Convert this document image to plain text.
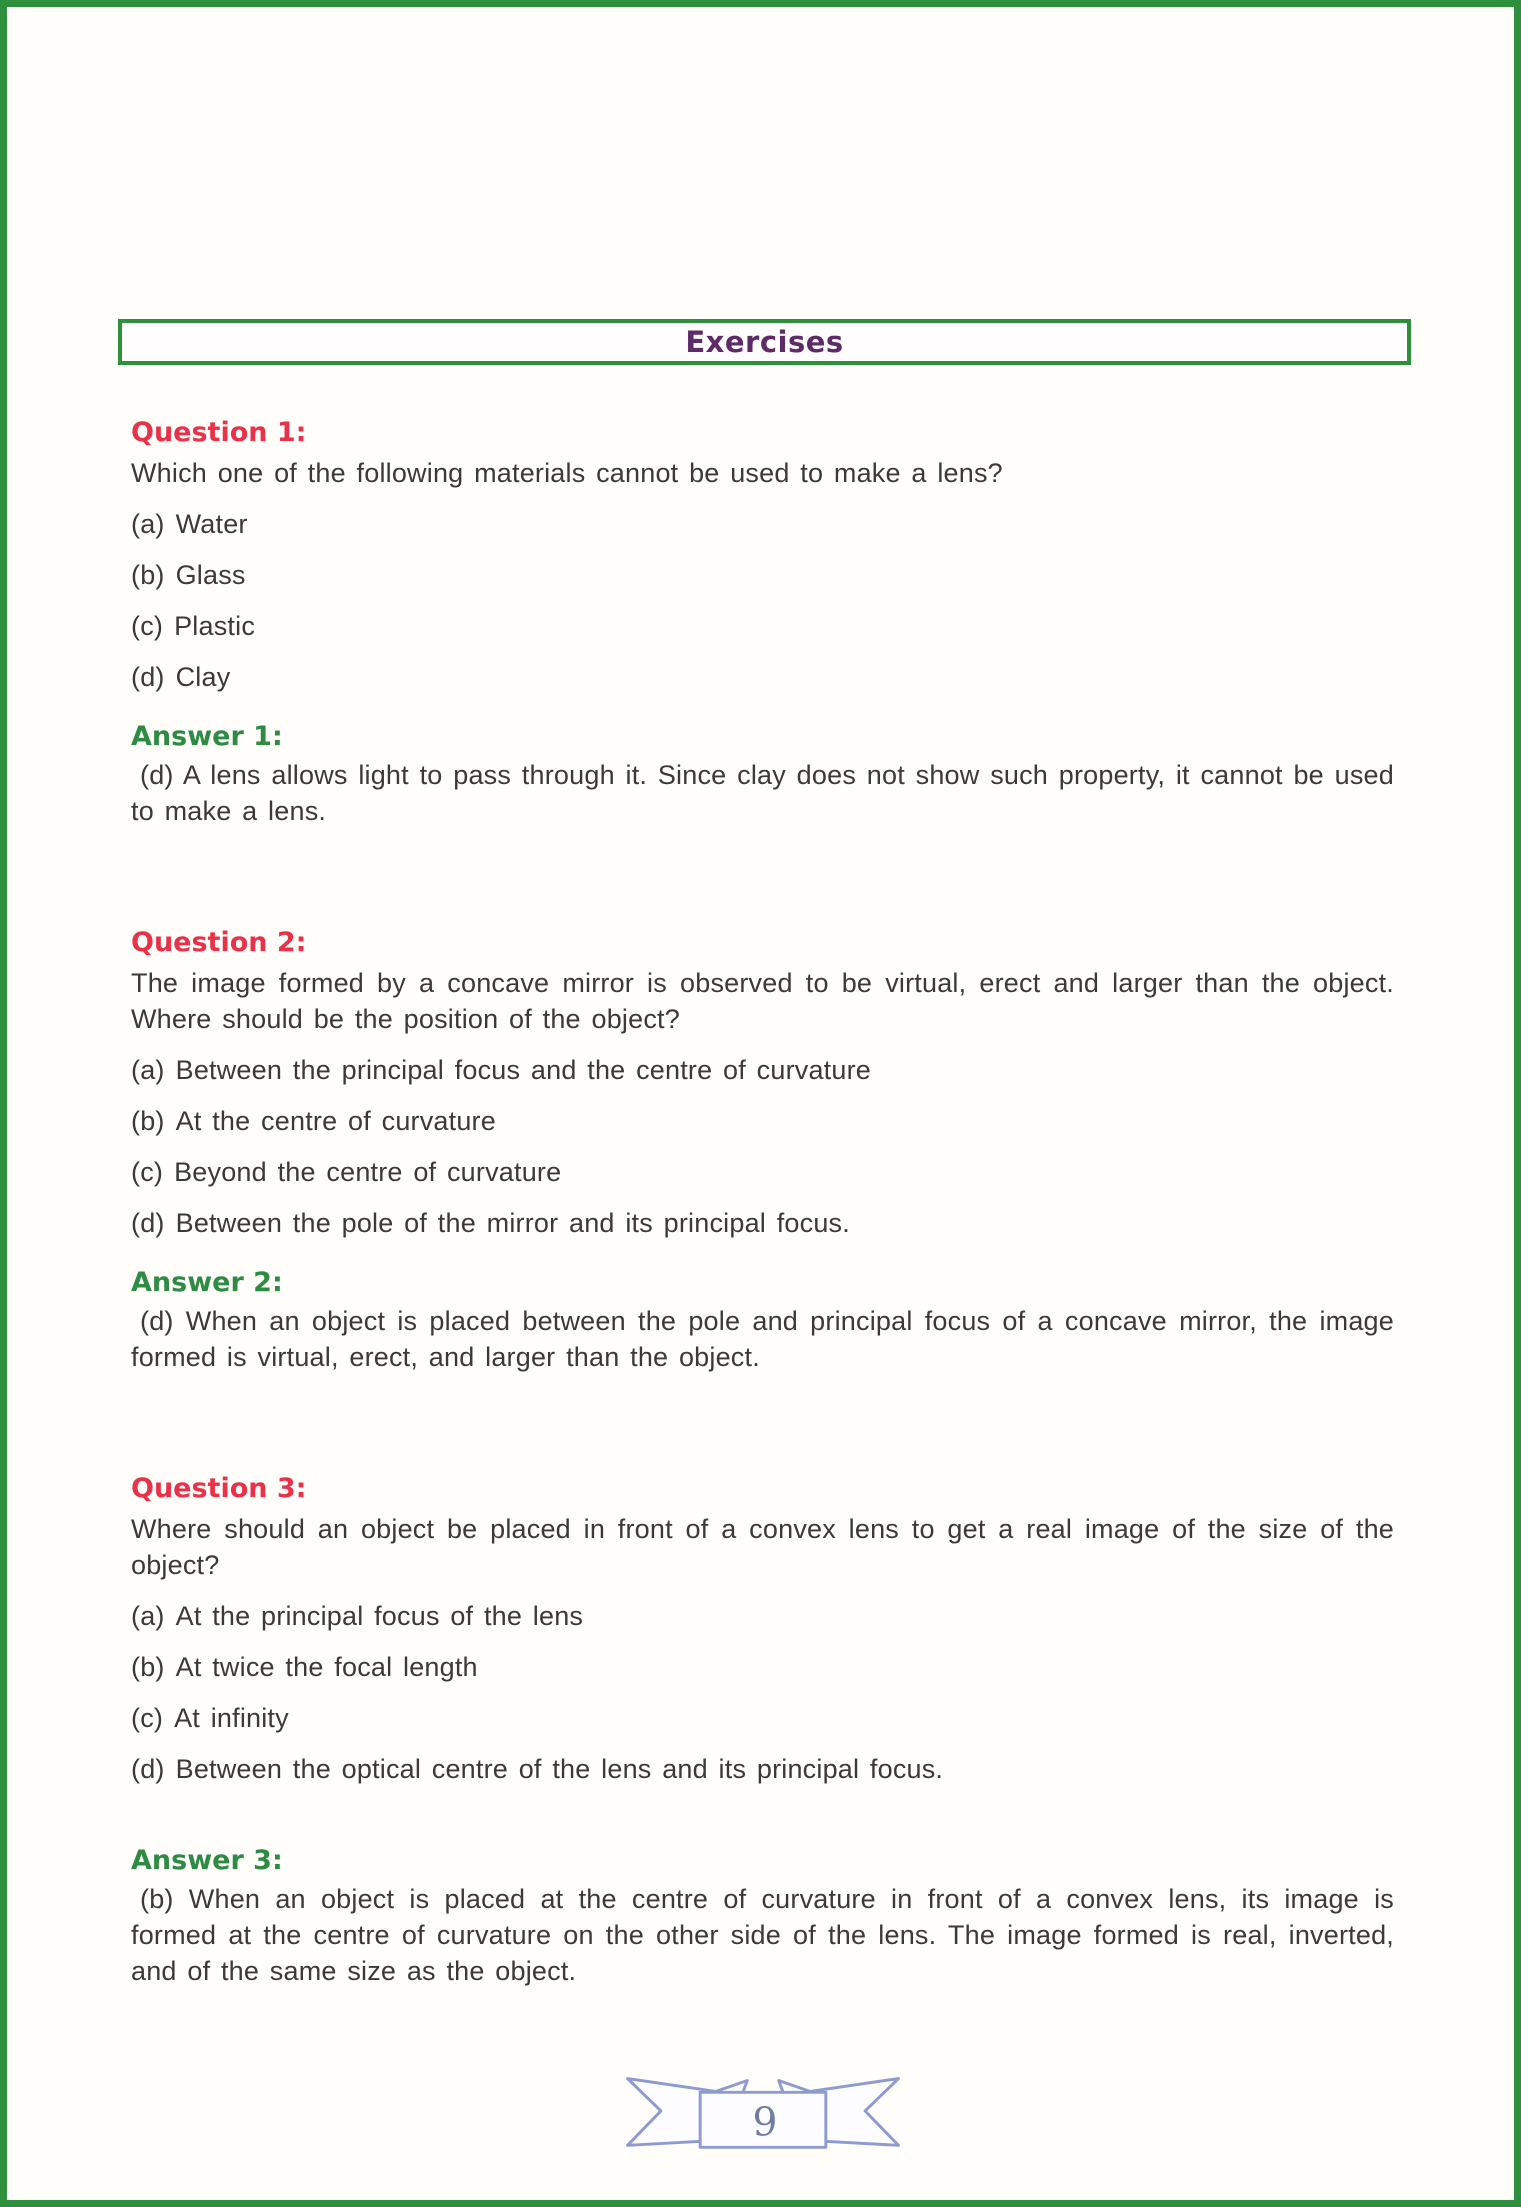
Exercises
Question 1:
Which one of the following materials cannot be used to make a lens?
(a) Water
(b) Glass
(c) Plastic
(d) Clay
Answer 1:
(d) A lens allows light to pass through it. Since clay does not show such property, it cannot be used to make a lens.
Question 2:
The image formed by a concave mirror is observed to be virtual, erect and larger than the object. Where should be the position of the object?
(a) Between the principal focus and the centre of curvature
(b) At the centre of curvature
(c) Beyond the centre of curvature
(d) Between the pole of the mirror and its principal focus.
Answer 2:
(d) When an object is placed between the pole and principal focus of a concave mirror, the image formed is virtual, erect, and larger than the object.
Question 3:
Where should an object be placed in front of a convex lens to get a real image of the size of the object?
(a) At the principal focus of the lens
(b) At twice the focal length
(c) At infinity
(d) Between the optical centre of the lens and its principal focus.
Answer 3:
(b) When an object is placed at the centre of curvature in front of a convex lens, its image is formed at the centre of curvature on the other side of the lens. The image formed is real, inverted, and of the same size as the object.
9
